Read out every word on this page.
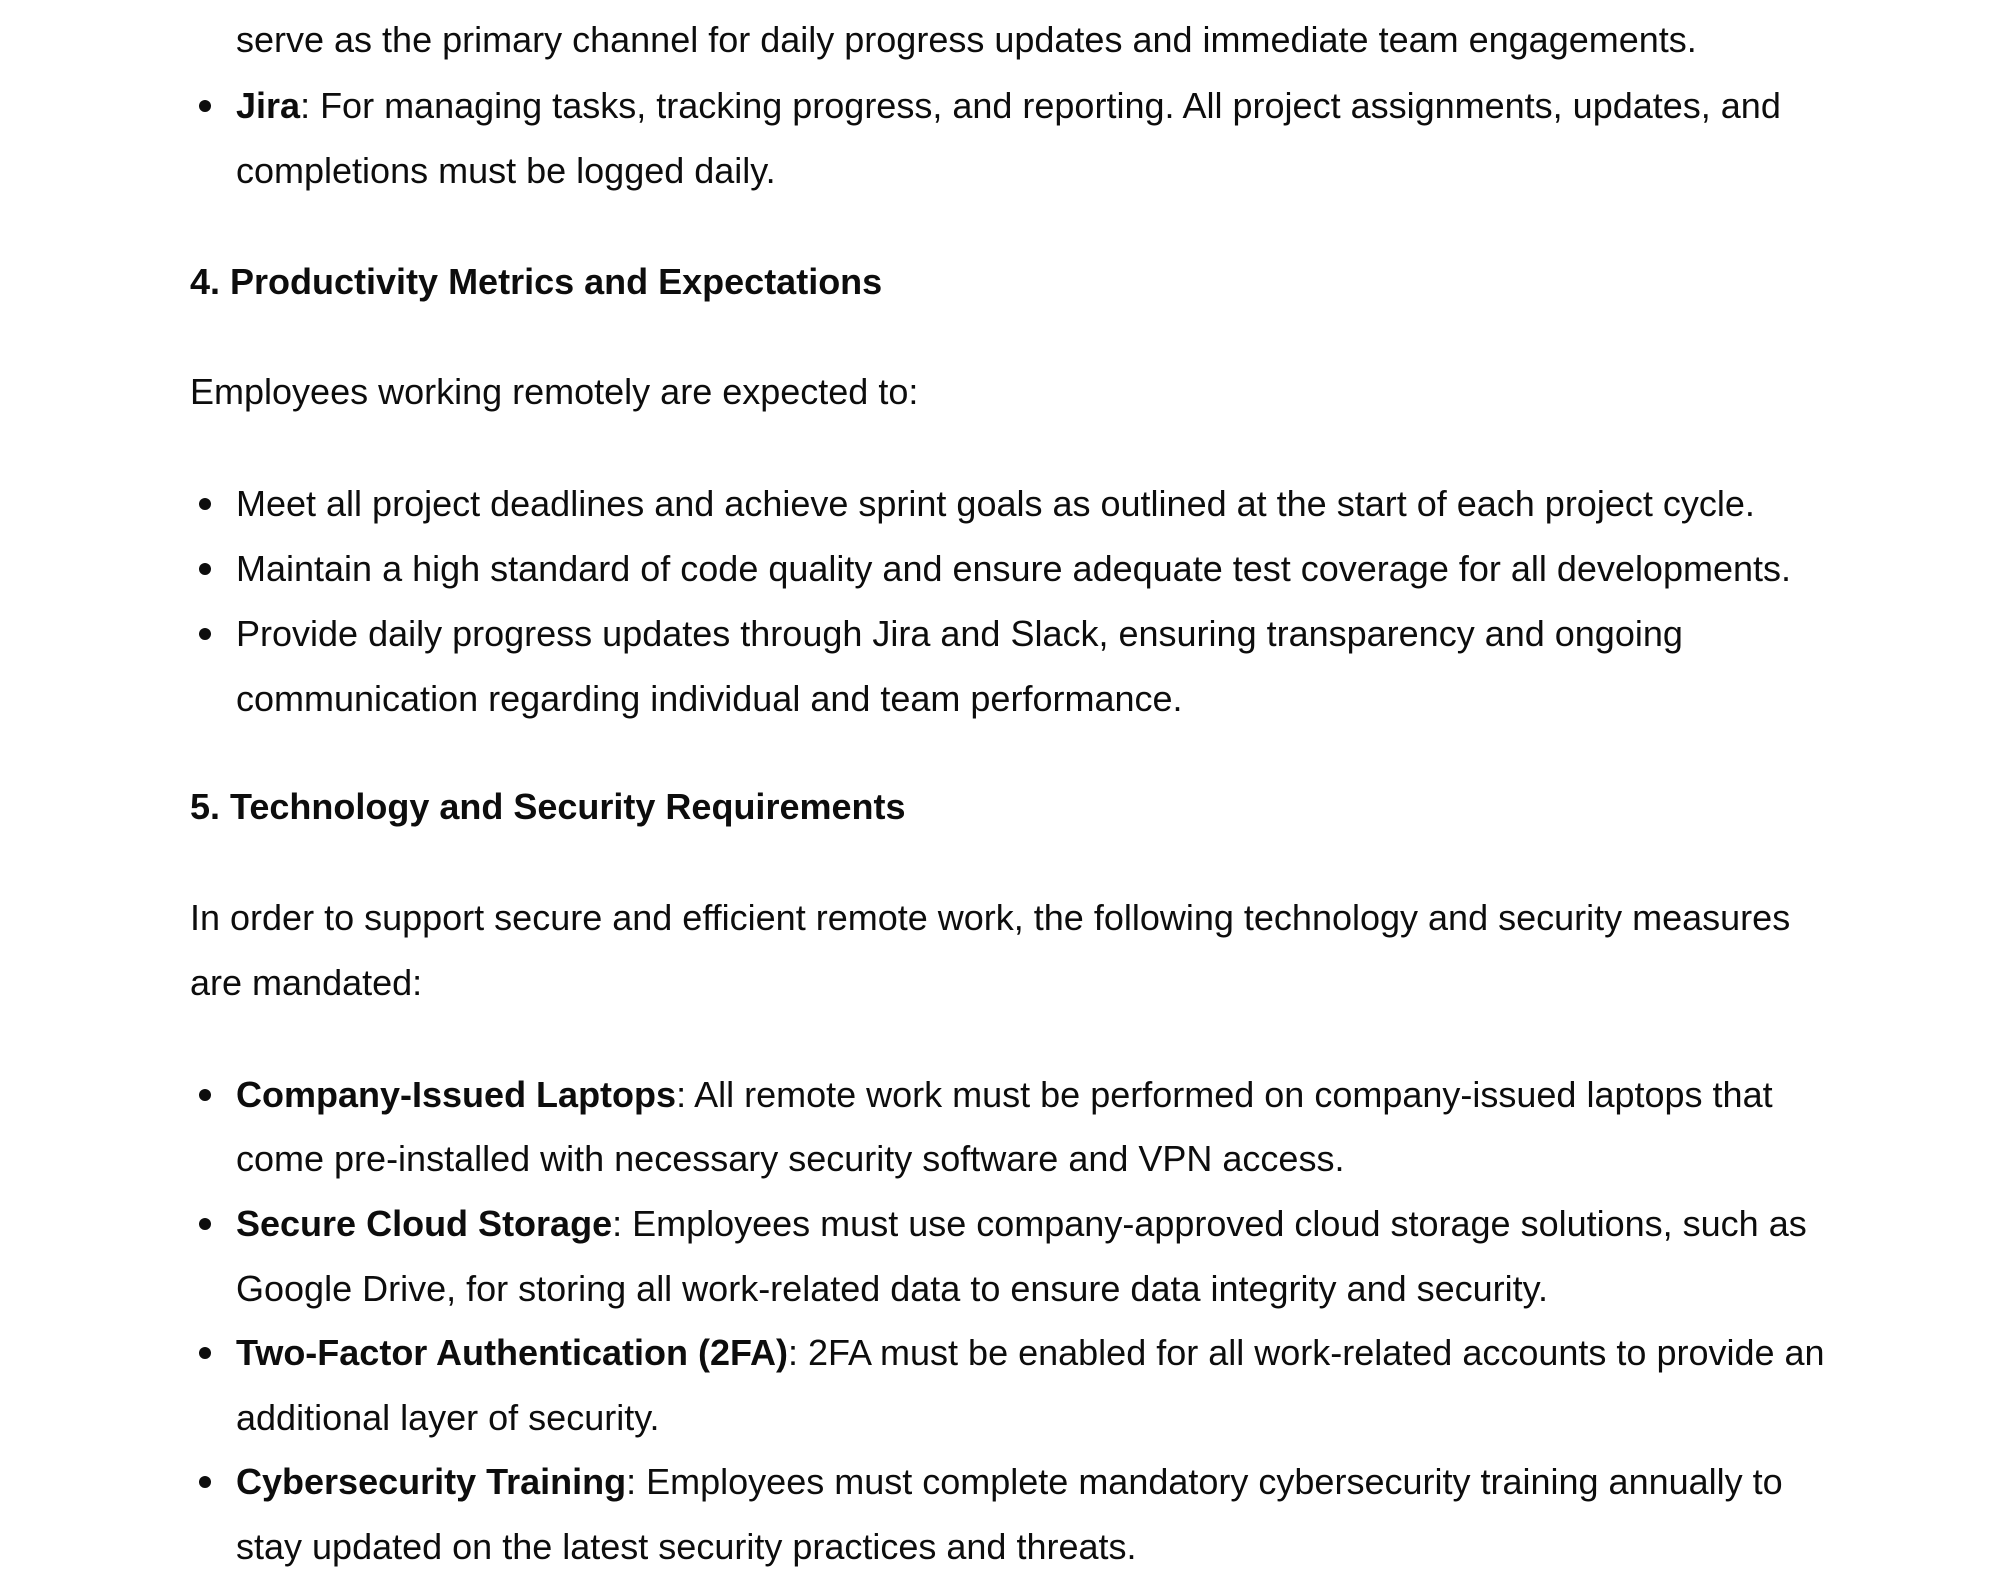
serve as the primary channel for daily progress updates and immediate team engagements.

Jira: For managing tasks, tracking progress, and reporting. All project assignments, updates, and

completions must be logged daily.

4. Productivity Metrics and Expectations

Employees working remotely are expected to:

Meet all project deadlines and achieve sprint goals as outlined at the start of each project cycle.

Maintain a high standard of code quality and ensure adequate test coverage for all developments.

Provide daily progress updates through Jira and Slack, ensuring transparency and ongoing

communication regarding individual and team performance.

5. Technology and Security Requirements

In order to support secure and efficient remote work, the following technology and security measures

are mandated:

Company-Issued Laptops: All remote work must be performed on company-issued laptops that

come pre-installed with necessary security software and VPN access.

Secure Cloud Storage: Employees must use company-approved cloud storage solutions, such as

Google Drive, for storing all work-related data to ensure data integrity and security.

Two-Factor Authentication (2FA): 2FA must be enabled for all work-related accounts to provide an

additional layer of security.

Cybersecurity Training: Employees must complete mandatory cybersecurity training annually to

stay updated on the latest security practices and threats.
